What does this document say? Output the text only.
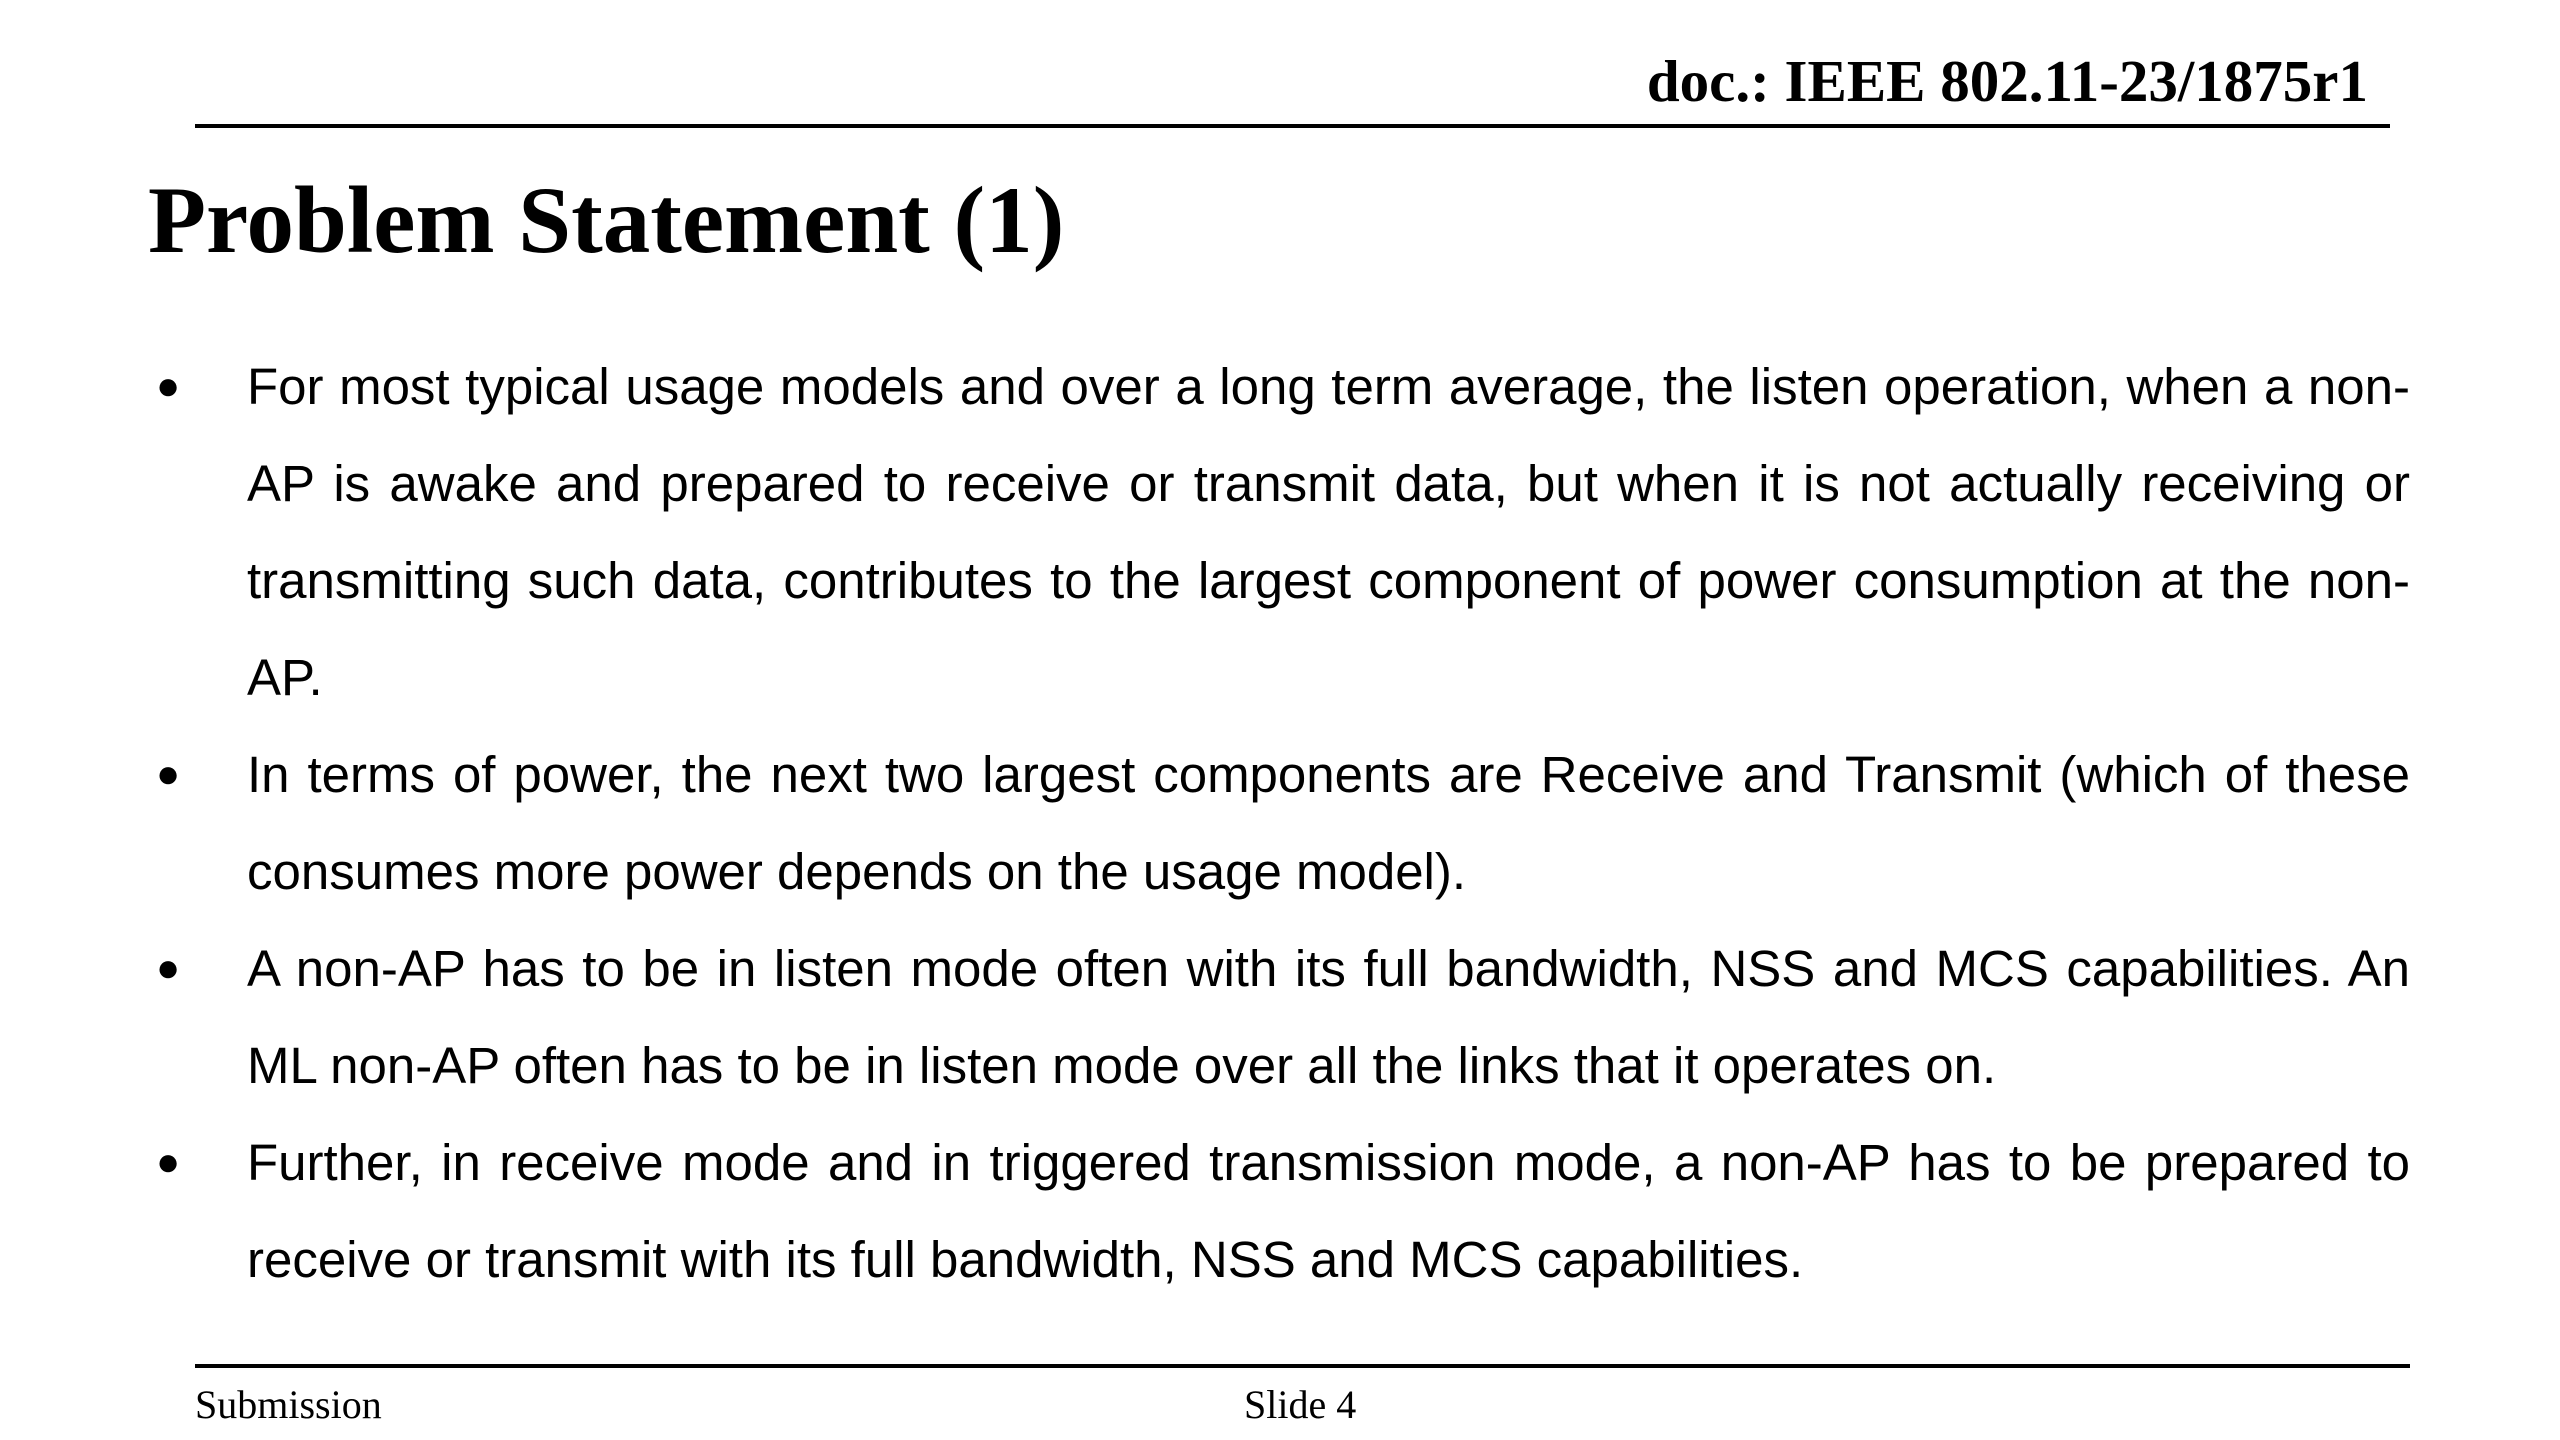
doc.: IEEE 802.11-23/1875r1
Problem Statement (1)
●	For most typical usage models and over a long term average, the listen operation, when a non-AP is awake and prepared to receive or transmit data, but when it is not actually receiving or transmitting such data, contributes to the largest component of power consumption at the non-AP.
●	In terms of power, the next two largest components are Receive and Transmit (which of these consumes more power depends on the usage model).
●	A non-AP has to be in listen mode often with its full bandwidth, NSS and MCS capabilities. An ML non-AP often has to be in listen mode over all the links that it operates on.
●	Further, in receive mode and in triggered transmission mode, a non-AP has to be prepared to receive or transmit with its full bandwidth, NSS and MCS capabilities.
Submission	Slide 4
